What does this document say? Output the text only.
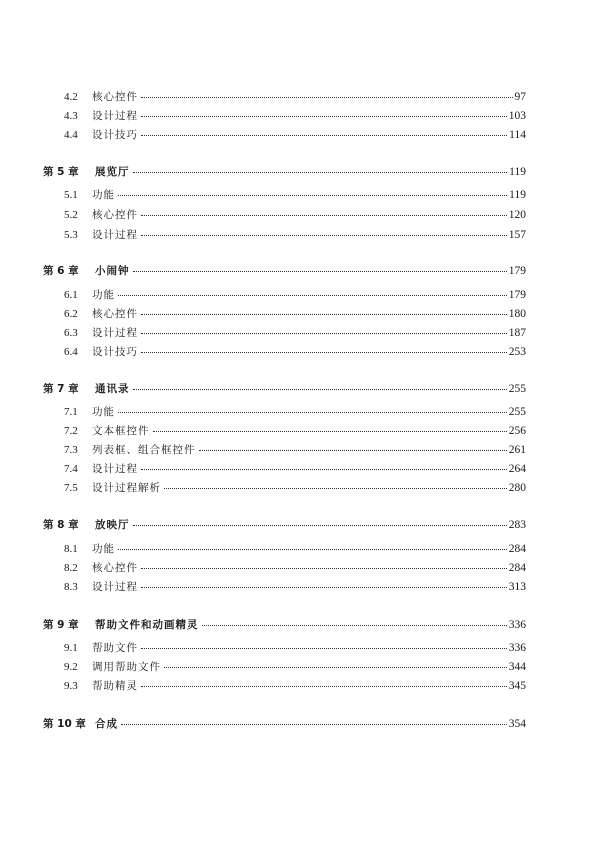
4.2	核心控件	97
4.3	设计过程	103
4.4	设计技巧	114
第 5 章	展览厅	119
5.1	功能	119
5.2	核心控件	120
5.3	设计过程	157
第 6 章	小闹钟	179
6.1	功能	179
6.2	核心控件	180
6.3	设计过程	187
6.4	设计技巧	253
第 7 章	通讯录	255
7.1	功能	255
7.2	文本框控件	256
7.3	列表框、组合框控件	261
7.4	设计过程	264
7.5	设计过程解析	280
第 8 章	放映厅	283
8.1	功能	284
8.2	核心控件	284
8.3	设计过程	313
第 9 章	帮助文件和动画精灵	336
9.1	帮助文件	336
9.2	调用帮助文件	344
9.3	帮助精灵	345
第 10 章 合成	354
